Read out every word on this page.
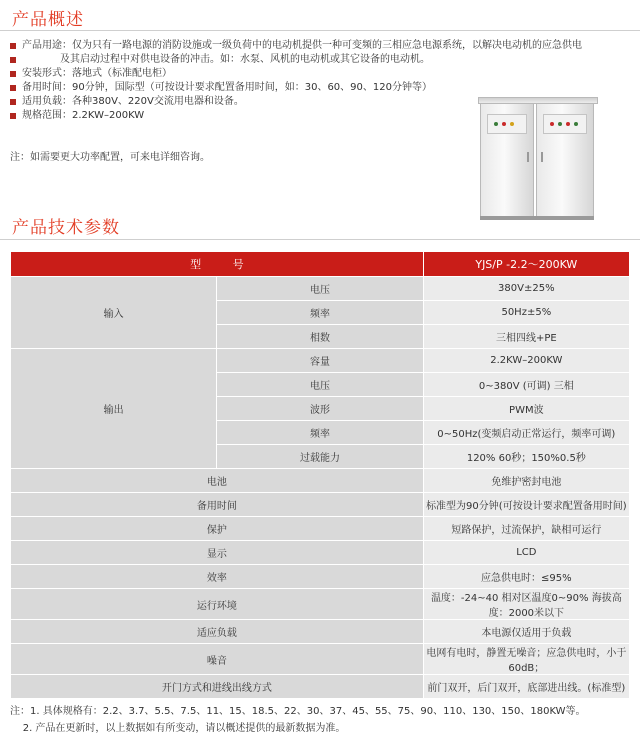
产品概述
产品用途：仅为只有一路电源的消防设施或一级负荷中的电动机提供一种可变频的三相应急电源系统，以解决电动机的应急供电
及其启动过程中对供电设备的冲击。如：水泵、风机的电动机或其它设备的电动机。
安装形式：落地式（标准配电柜）
备用时间：90分钟，国际型（可按设计要求配置备用时间，如：30、60、90、120分钟等）
适用负载：各种380V、220V交流用电器和设备。
规格范围：2.2KW–200KW
注：如需要更大功率配置，可来电详细咨询。
产品技术参数
型 号		YJS/P -2.2～200KW
输入	电压	380V±25%
	频率	50Hz±5%
	相数	三相四线+PE
输出	容量	2.2KW–200KW
	电压	0~380V (可调) 三相
	波形	PWM波
	频率	0~50Hz(变频启动正常运行，频率可调)
	过载能力	120% 60秒；150%0.5秒
电池		免维护密封电池
备用时间		标准型为90分钟(可按设计要求配置备用时间)
保护		短路保护，过流保护，缺相可运行
显示		LCD
效率		应急供电时：≤95%
运行环境		温度：-24~40 相对区温度0~90% 海拔高度：2000米以下
适应负载		本电源仅适用于负载
噪音		电网有电时，静置无噪音；应急供电时，小于60dB；
开门方式和进线出线方式		前门双开，后门双开，底部进出线。(标准型)
注：1. 具体规格有：2.2、3.7、5.5、7.5、11、15、18.5、22、30、37、45、55、75、90、110、130、150、180KW等。
2. 产品在更新时，以上数据如有所变动，请以概述提供的最新数据为准。
